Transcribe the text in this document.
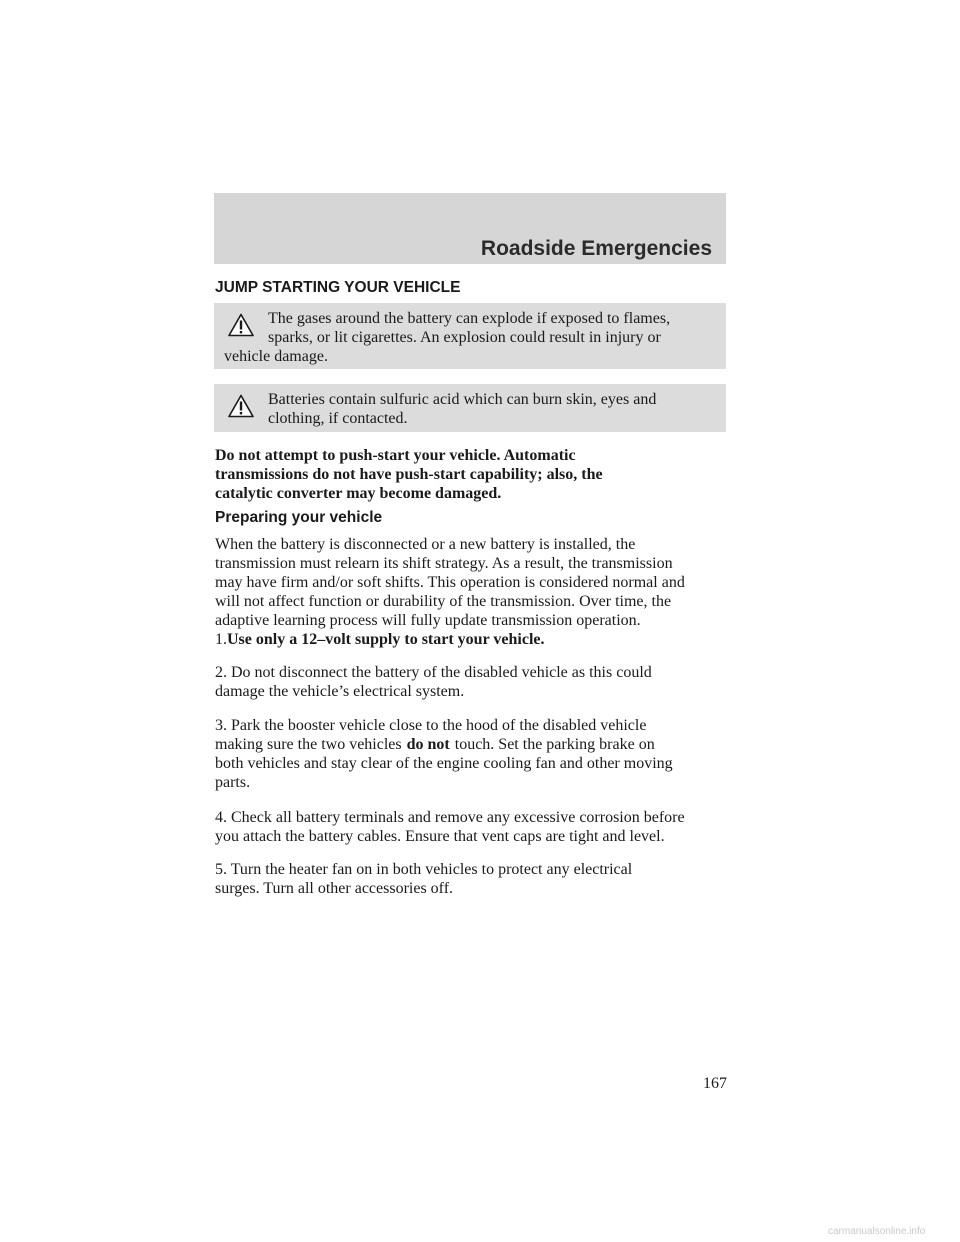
Roadside Emergencies
JUMP STARTING YOUR VEHICLE

The gases around the battery can explode if exposed to flames,

sparks, or lit cigarettes. An explosion could result in injury or

vehicle damage.

Batteries contain sulfuric acid which can burn skin, eyes and

clothing, if contacted.

Do not attempt to push-start your vehicle. Automatic

transmissions do not have push-start capability; also, the

catalytic converter may become damaged.

Preparing your vehicle

When the battery is disconnected or a new battery is installed, the

transmission must relearn its shift strategy. As a result, the transmission

may have firm and/or soft shifts. This operation is considered normal and

will not affect function or durability of the transmission. Over time, the

adaptive learning process will fully update transmission operation.

1.Use only a 12–volt supply to start your vehicle.

2. Do not disconnect the battery of the disabled vehicle as this could

damage the vehicle’s electrical system.

3. Park the booster vehicle close to the hood of the disabled vehicle

making sure the two vehicles do not touch. Set the parking brake on

both vehicles and stay clear of the engine cooling fan and other moving

parts.

4. Check all battery terminals and remove any excessive corrosion before

you attach the battery cables. Ensure that vent caps are tight and level.

5. Turn the heater fan on in both vehicles to protect any electrical

surges. Turn all other accessories off.

167
carmanualsonline.info
